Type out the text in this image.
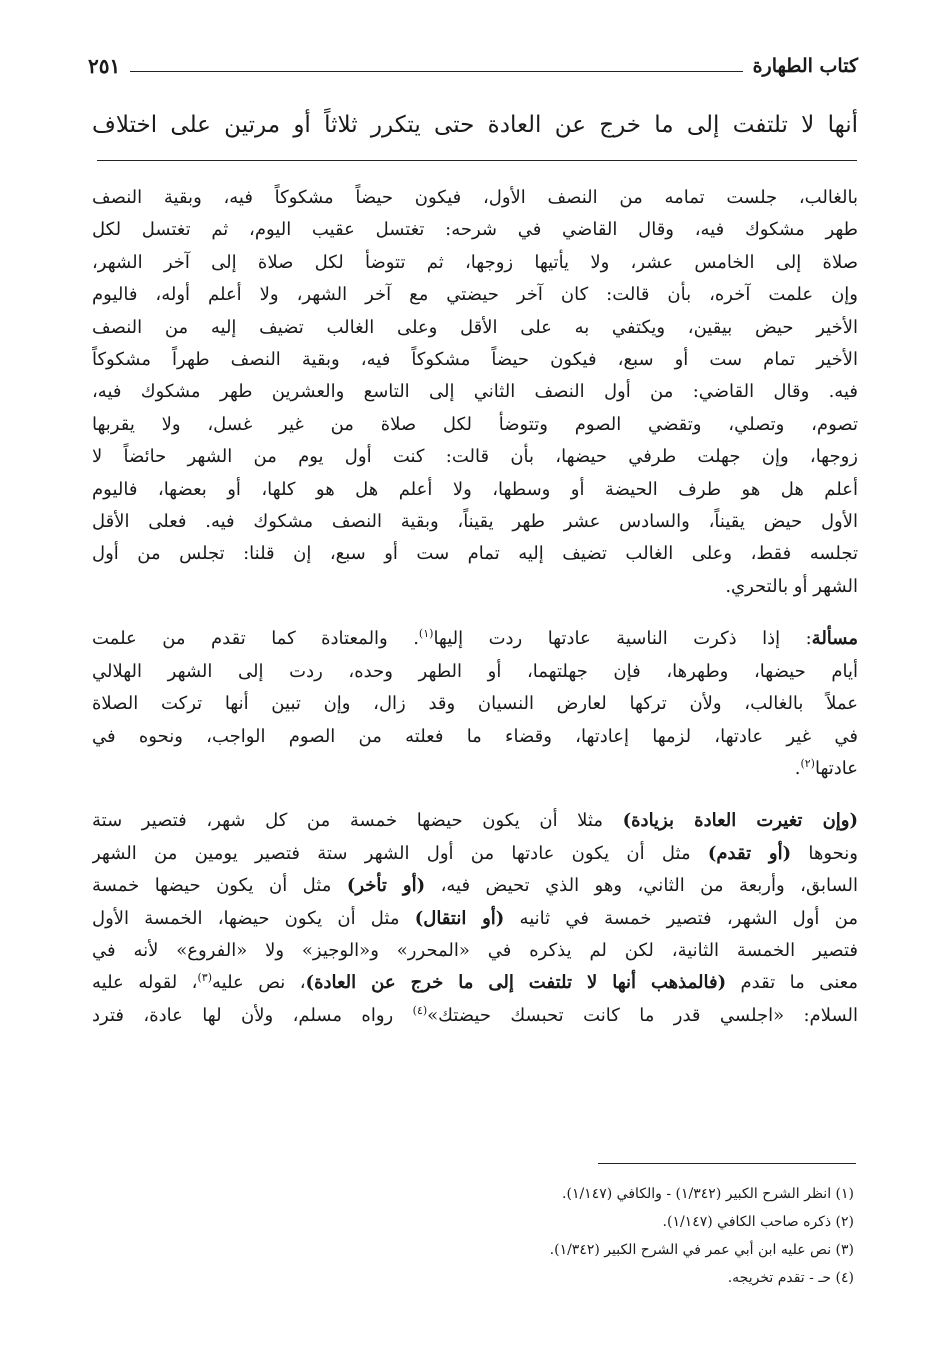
كتاب الطهارة
٢٥١
أنها لا تلتفت إلى ما خرج عن العادة حتى يتكرر ثلاثاً أو مرتين على اختلاف
بالغالب، جلست تمامه من النصف الأول، فيكون حيضاً مشكوكاً فيه، وبقية النصف
طهر مشكوك فيه، وقال القاضي في شرحه: تغتسل عقيب اليوم، ثم تغتسل لكل
صلاة إلى الخامس عشر، ولا يأتيها زوجها، ثم تتوضأ لكل صلاة إلى آخر الشهر،
وإن علمت آخره، بأن قالت: كان آخر حيضتي مع آخر الشهر، ولا أعلم أوله، فاليوم
الأخير حيض بيقين، ويكتفي به على الأقل وعلى الغالب تضيف إليه من النصف
الأخير تمام ست أو سبع، فيكون حيضاً مشكوكاً فيه، وبقية النصف طهراً مشكوكاً
فيه. وقال القاضي: من أول النصف الثاني إلى التاسع والعشرين طهر مشكوك فيه،
تصوم، وتصلي، وتقضي الصوم وتتوضأ لكل صلاة من غير غسل، ولا يقربها
زوجها، وإن جهلت طرفي حيضها، بأن قالت: كنت أول يوم من الشهر حائضاً لا
أعلم هل هو طرف الحيضة أو وسطها، ولا أعلم هل هو كلها، أو بعضها، فاليوم
الأول حيض يقيناً، والسادس عشر طهر يقيناً، وبقية النصف مشكوك فيه. فعلى الأقل
تجلسه فقط، وعلى الغالب تضيف إليه تمام ست أو سبع، إن قلنا: تجلس من أول
الشهر أو بالتحري.
مسألة: إذا ذكرت الناسية عادتها ردت إليها$^{(١)}$. والمعتادة كما تقدم من علمت
أيام حيضها، وطهرها، فإن جهلتهما، أو الطهر وحده، ردت إلى الشهر الهلالي
عملاً بالغالب، ولأن تركها لعارض النسيان وقد زال، وإن تبين أنها تركت الصلاة
في غير عادتها، لزمها إعادتها، وقضاء ما فعلته من الصوم الواجب، ونحوه في
عادتها$^{(٢)}$.
(وإن تغيرت العادة بزيادة) مثلا أن يكون حيضها خمسة من كل شهر، فتصير ستة
ونحوها (أو تقدم) مثل أن يكون عادتها من أول الشهر ستة فتصير يومين من الشهر
السابق، وأربعة من الثاني، وهو الذي تحيض فيه، (أو تأخر) مثل أن يكون حيضها خمسة
من أول الشهر، فتصير خمسة في ثانيه (أو انتقال) مثل أن يكون حيضها، الخمسة الأول
فتصير الخمسة الثانية، لكن لم يذكره في «المحرر» و«الوجيز» ولا «الفروع» لأنه في
معنى ما تقدم (فالمذهب أنها لا تلتفت إلى ما خرج عن العادة)، نص عليه$^{(٣)}$، لقوله عليه
السلام: «اجلسي قدر ما كانت تحبسك حيضتك»$^{(٤)}$ رواه مسلم، ولأن لها عادة، فترد
(١) انظر الشرح الكبير (١/٣٤٢) - والكافي (١/١٤٧).
(٢) ذكره صاحب الكافي (١/١٤٧).
(٣) نص عليه ابن أبي عمر في الشرح الكبير (١/٣٤٢).
(٤) حـ - تقدم تخريجه.
